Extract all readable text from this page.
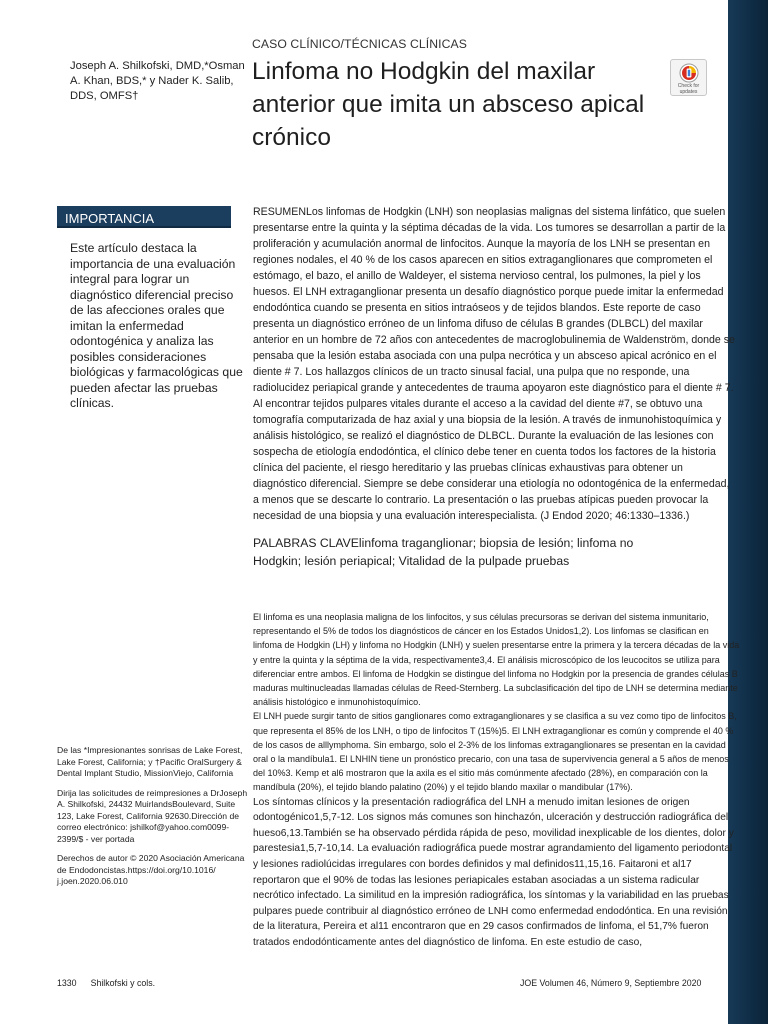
Joseph A. Shilkofski, DMD,*Osman A. Khan, BDS,* y Nader K. Salib, DDS, OMFS†
CASO CLÍNICO/TÉCNICAS CLÍNICAS
Linfoma no Hodgkin del maxilar anterior que imita un absceso apical crónico
Check for updates
IMPORTANCIA
Este artículo destaca la importancia de una evaluación integral para lograr un diagnóstico diferencial preciso de las afecciones orales que imitan la enfermedad odontogénica y analiza las posibles consideraciones biológicas y farmacológicas que pueden afectar las pruebas clínicas.
RESUMENLos linfomas de Hodgkin (LNH) son neoplasias malignas del sistema linfático, que suelen presentarse entre la quinta y la séptima décadas de la vida. Los tumores se desarrollan a partir de la proliferación y acumulación anormal de linfocitos. Aunque la mayoría de los LNH se presentan en regiones nodales, el 40 % de los casos aparecen en sitios extraganglionares que comprometen el estómago, el bazo, el anillo de Waldeyer, el sistema nervioso central, los pulmones, la piel y los huesos. El LNH extraganglionar presenta un desafío diagnóstico porque puede imitar la enfermedad endodóntica cuando se presenta en sitios intraóseos y de tejidos blandos. Este reporte de caso presenta un diagnóstico erróneo de un linfoma difuso de células B grandes (DLBCL) del maxilar anterior en un hombre de 72 años con antecedentes de macroglobulinemia de Waldenström, donde se pensaba que la lesión estaba asociada con una pulpa necrótica y un absceso apical acrónico en el diente # 7. Los hallazgos clínicos de un tracto sinusal facial, una pulpa que no responde, una radiolucidez periapical grande y antecedentes de trauma apoyaron este diagnóstico para el diente # 7. Al encontrar tejidos pulpares vitales durante el acceso a la cavidad del diente #7, se obtuvo una tomografía computarizada de haz axial y una biopsia de la lesión. A través de inmunohistoquímica y análisis histológico, se realizó el diagnóstico de DLBCL. Durante la evaluación de las lesiones con sospecha de etiología endodóntica, el clínico debe tener en cuenta todos los factores de la historia clínica del paciente, el riesgo hereditario y las pruebas clínicas exhaustivas para obtener un diagnóstico diferencial. Siempre se debe considerar una etiología no odontogénica de la enfermedad, a menos que se descarte lo contrario. La presentación o las pruebas atípicas pueden provocar la necesidad de una biopsia y una evaluación interespecialista. (J Endod 2020; 46:1330–1336.)
PALABRAS CLAVElinfoma traganglionar; biopsia de lesión; linfoma no Hodgkin; lesión periapical; Vitalidad de la pulpade pruebas

El linfoma es una neoplasia maligna de los linfocitos, y sus células precursoras se derivan del sistema inmunitario, representando el 5% de todos los diagnósticos de cáncer en los Estados Unidos1,2). Los linfomas se clasifican en linfoma de Hodgkin (LH) y linfoma no Hodgkin (LNH) y suelen presentarse entre la primera y la tercera décadas de la vida y entre la quinta y la séptima de la vida, respectivamente3,4. El análisis microscópico de los leucocitos se utiliza para diferenciar entre ambos. El linfoma de Hodgkin se distingue del linfoma no Hodgkin por la presencia de grandes células B maduras multinucleadas llamadas células de Reed-Sternberg. La subclasificación del tipo de LNH se determina mediante análisis histológico e inmunohistoquímico.

El LNH puede surgir tanto de sitios ganglionares como extraganglionares y se clasifica a su vez como tipo de linfocitos B, que representa el 85% de los LNH, o tipo de linfocitos T (15%)5. El LNH extraganglionar es común y comprende el 40 % de los casos de alllymphoma. Sin embargo, solo el 2-3% de los linfomas extraganglionares se presentan en la cavidad oral o la mandíbula1. El LNHIN tiene un pronóstico precario, con una tasa de supervivencia general a 5 años de menos del 10%3. Kemp et al6 mostraron que la axila es el sitio más comúnmente afectado (28%), en comparación con la mandíbula (20%), el tejido blando palatino (20%) y el tejido blando maxilar o mandibular (17%).

Los síntomas clínicos y la presentación radiográfica del LNH a menudo imitan lesiones de origen odontogénico1,5,7-12. Los signos más comunes son hinchazón, ulceración y destrucción radiográfica del hueso6,13.También se ha observado pérdida rápida de peso, movilidad inexplicable de los dientes, dolor y parestesia1,5,7-10,14. La evaluación radiográfica puede mostrar agrandamiento del ligamento periodontal y lesiones radiolúcidas irregulares con bordes definidos y mal definidos11,15,16. Faitaroni et al17 reportaron que el 90% de todas las lesiones periapicales estaban asociadas a un sistema radicular necrótico infectado. La similitud en la impresión radiográfica, los síntomas y la variabilidad en las pruebas pulpares puede contribuir al diagnóstico erróneo de LNH como enfermedad endodóntica. En una revisión de la literatura, Pereira et al11 encontraron que en 29 casos confirmados de linfoma, el 51,7% fueron tratados endodónticamente antes del diagnóstico de linfoma. En este estudio de caso,

De las *Impresionantes sonrisas de Lake Forest, Lake Forest, California; y †Pacific OralSurgery & Dental Implant Studio, MissionViejo, California

Dirija las solicitudes de reimpresiones a DrJoseph A. Shilkofski, 24432 MuirlandsBoulevard, Suite 123, Lake Forest, California 92630.Dirección de correo electrónico: jshilkof@yahoo.com0099-2399/$ - ver portada

Derechos de autor © 2020 Asociación Americana de Endodoncistas.https://doi.org/10.1016/ j.joen.2020.06.010

1330 Shilkofski y cols.	JOE Volumen 46, Número 9, Septiembre 2020
